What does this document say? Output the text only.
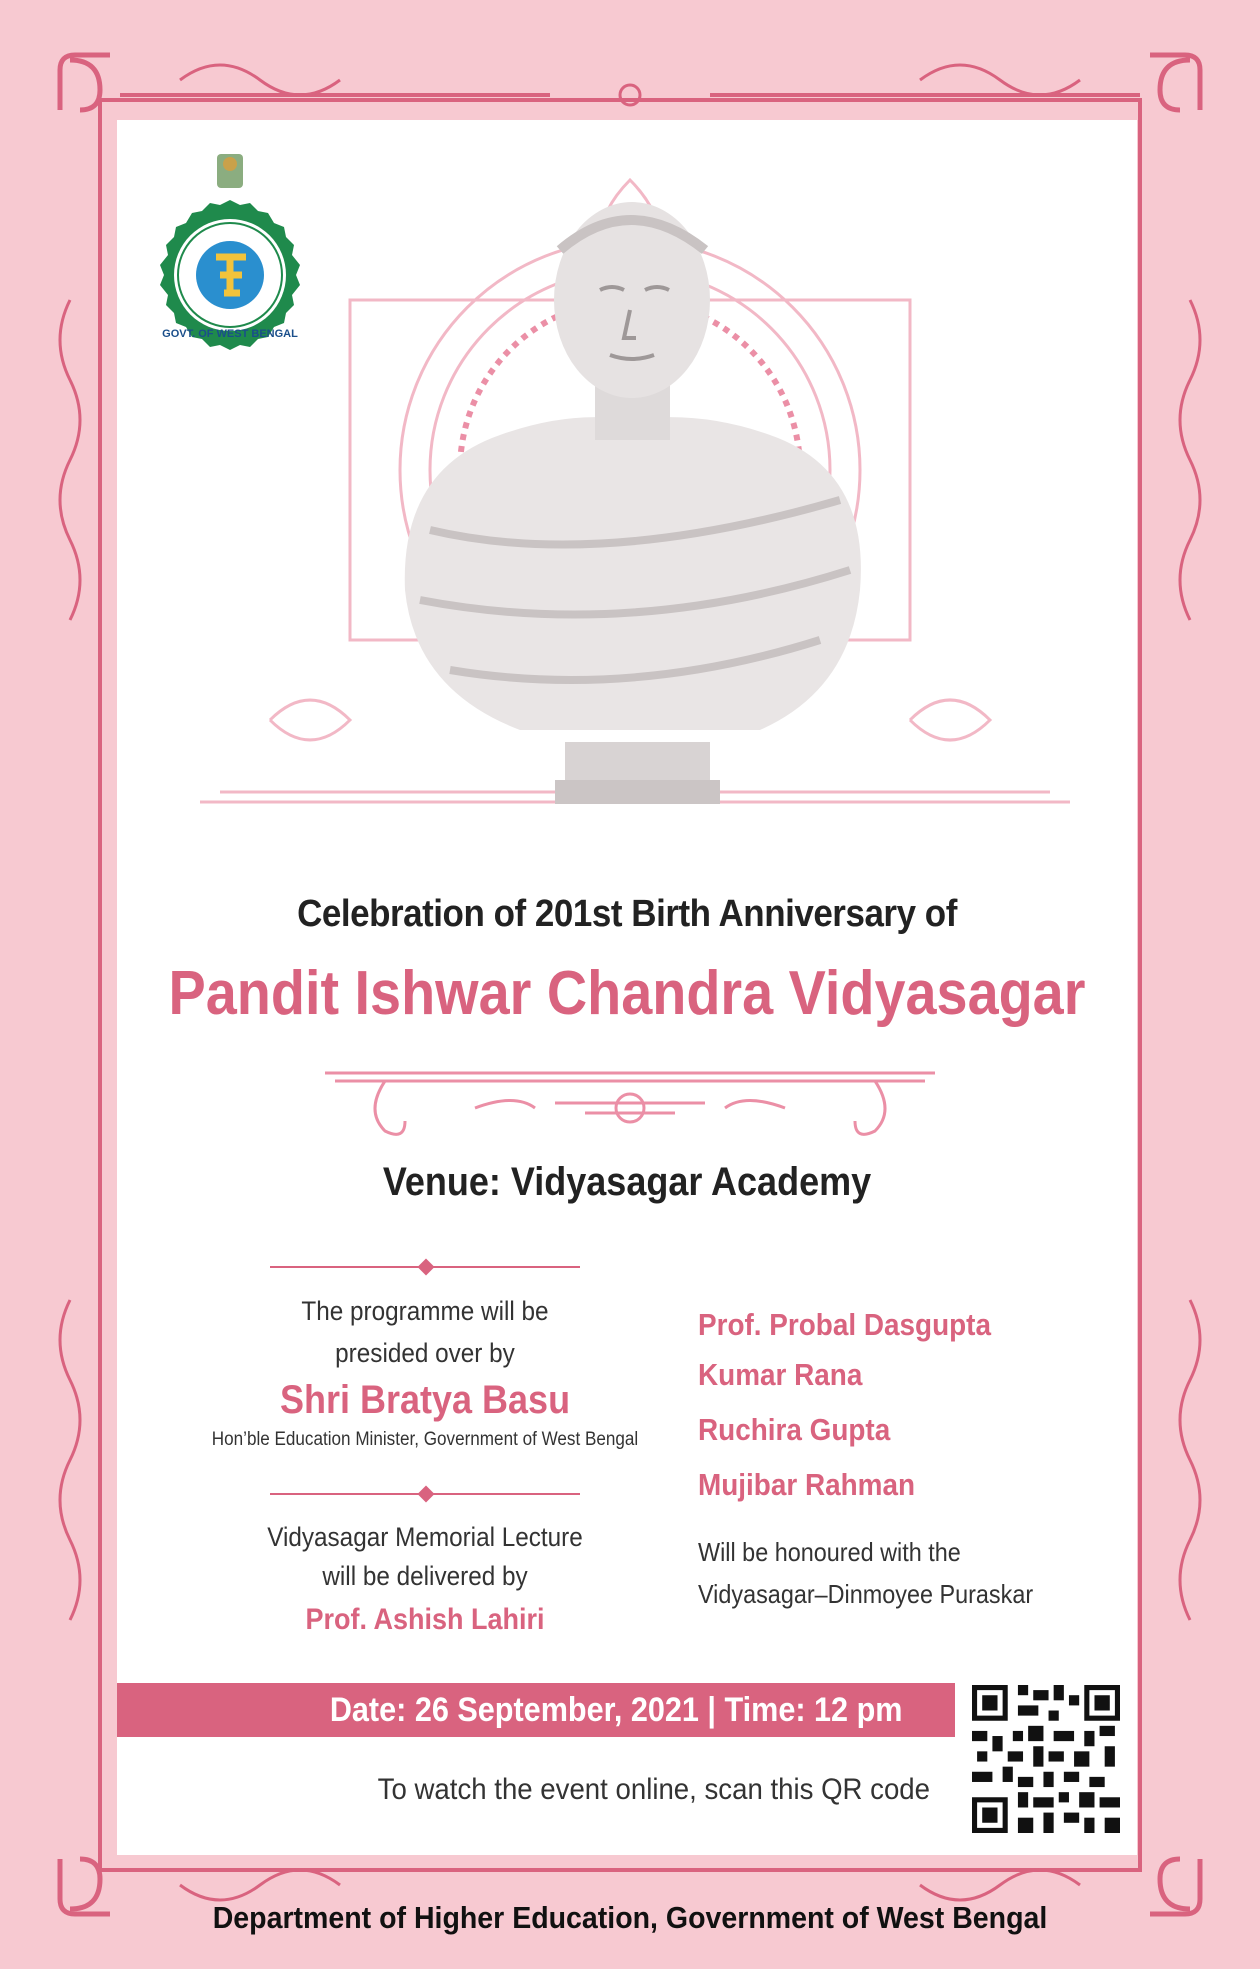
GOVT. OF WEST BENGAL
Celebration of 201st Birth Anniversary of
Pandit Ishwar Chandra Vidyasagar
Venue: Vidyasagar Academy
The programme will be
presided over by
Shri Bratya Basu
Hon’ble Education Minister, Government of West Bengal
Vidyasagar Memorial Lecture
will be delivered by
Prof. Ashish Lahiri
Prof. Probal Dasgupta
Kumar Rana
Ruchira Gupta
Mujibar Rahman
Will be honoured with the
Vidyasagar–Dinmoyee Puraskar
Date: 26 September, 2021 | Time: 12 pm
To watch the event online, scan this QR code
Department of Higher Education, Government of West Bengal
